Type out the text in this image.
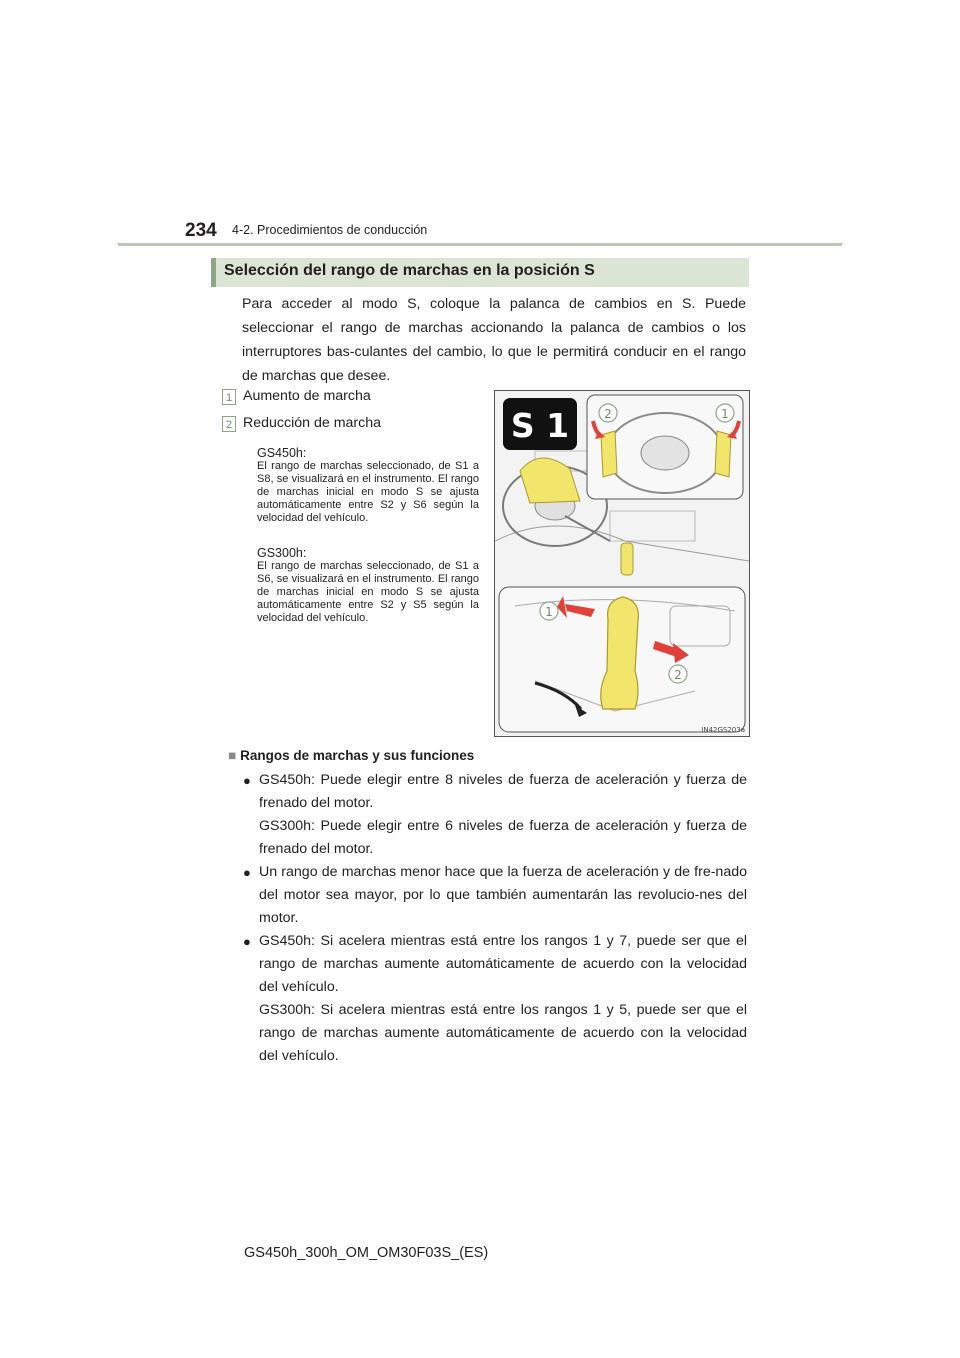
234 4-2. Procedimientos de conducción
Selección del rango de marchas en la posición S
Para acceder al modo S, coloque la palanca de cambios en S. Puede seleccionar el rango de marchas accionando la palanca de cambios o los interruptores bas-culantes del cambio, lo que le permitirá conducir en el rango de marchas que desee.
1 Aumento de marcha
2 Reducción de marcha
GS450h:
El rango de marchas seleccionado, de S1 a S8, se visualizará en el instrumento. El rango de marchas inicial en modo S se ajusta automáticamente entre S2 y S6 según la velocidad del vehículo.
GS300h:
El rango de marchas seleccionado, de S1 a S6, se visualizará en el instrumento. El rango de marchas inicial en modo S se ajusta automáticamente entre S2 y S5 según la velocidad del vehículo.
S 1	2	1
1
2
IN42GS203a
■ Rangos de marchas y sus funciones
● GS450h: Puede elegir entre 8 niveles de fuerza de aceleración y fuerza de frenado del motor.

GS300h: Puede elegir entre 6 niveles de fuerza de aceleración y fuerza de frenado del motor.

● Un rango de marchas menor hace que la fuerza de aceleración y de fre-nado del motor sea mayor, por lo que también aumentarán las revolucio-nes del motor.

● GS450h: Si acelera mientras está entre los rangos 1 y 7, puede ser que el rango de marchas aumente automáticamente de acuerdo con la velocidad del vehículo.

GS300h: Si acelera mientras está entre los rangos 1 y 5, puede ser que el rango de marchas aumente automáticamente de acuerdo con la velocidad del vehículo.

GS450h_300h_OM_OM30F03S_(ES)
